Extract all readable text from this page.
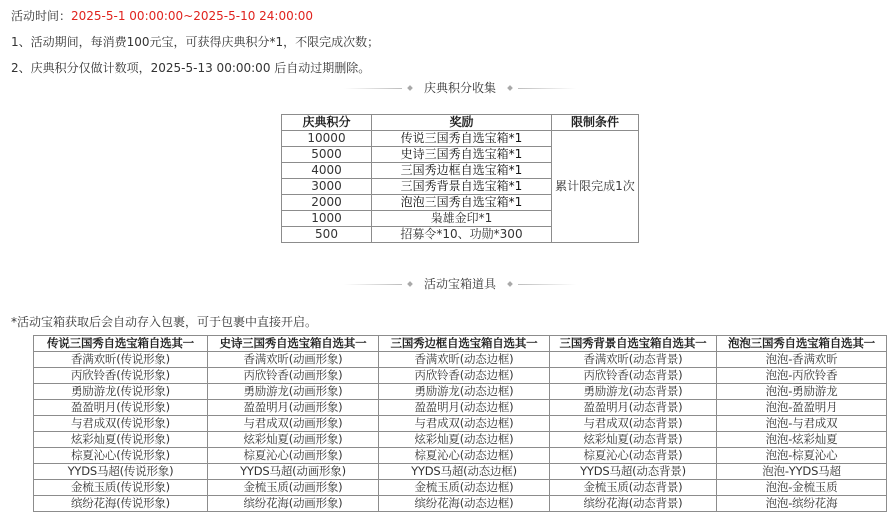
活动时间：2025-5-1 00:00:00~2025-5-10 24:00:00
1、活动期间，每消费100元宝，可获得庆典积分*1，不限完成次数；
2、庆典积分仅做计数项，2025-5-13 00:00:00 后自动过期删除。
庆典积分收集
庆典积分	奖励	限制条件
10000	传说三国秀自选宝箱*1	累计限完成1次
5000	史诗三国秀自选宝箱*1	
4000	三国秀边框自选宝箱*1	
3000	三国秀背景自选宝箱*1	
2000	泡泡三国秀自选宝箱*1	
1000	枭雄金印*1	
500	招募令*10、功勋*300	
活动宝箱道具
*活动宝箱获取后会自动存入包裹，可于包裹中直接开启。
传说三国秀自选宝箱自选其一	史诗三国秀自选宝箱自选其一	三国秀边框自选宝箱自选其一	三国秀背景自选宝箱自选其一	泡泡三国秀自选宝箱自选其一
香满欢昕(传说形象)	香满欢昕(动画形象)	香满欢昕(动态边框)	香满欢昕(动态背景)	泡泡-香满欢昕
丙欣铃香(传说形象)	丙欣铃香(动画形象)	丙欣铃香(动态边框)	丙欣铃香(动态背景)	泡泡-丙欣铃香
勇励游龙(传说形象)	勇励游龙(动画形象)	勇励游龙(动态边框)	勇励游龙(动态背景)	泡泡-勇励游龙
盈盈明月(传说形象)	盈盈明月(动画形象)	盈盈明月(动态边框)	盈盈明月(动态背景)	泡泡-盈盈明月
与君成双(传说形象)	与君成双(动画形象)	与君成双(动态边框)	与君成双(动态背景)	泡泡-与君成双
炫彩灿夏(传说形象)	炫彩灿夏(动画形象)	炫彩灿夏(动态边框)	炫彩灿夏(动态背景)	泡泡-炫彩灿夏
棕夏沁心(传说形象)	棕夏沁心(动画形象)	棕夏沁心(动态边框)	棕夏沁心(动态背景)	泡泡-棕夏沁心
YYDS马超(传说形象)	YYDS马超(动画形象)	YYDS马超(动态边框)	YYDS马超(动态背景)	泡泡-YYDS马超
金梳玉质(传说形象)	金梳玉质(动画形象)	金梳玉质(动态边框)	金梳玉质(动态背景)	泡泡-金梳玉质
缤纷花海(传说形象)	缤纷花海(动画形象)	缤纷花海(动态边框)	缤纷花海(动态背景)	泡泡-缤纷花海
